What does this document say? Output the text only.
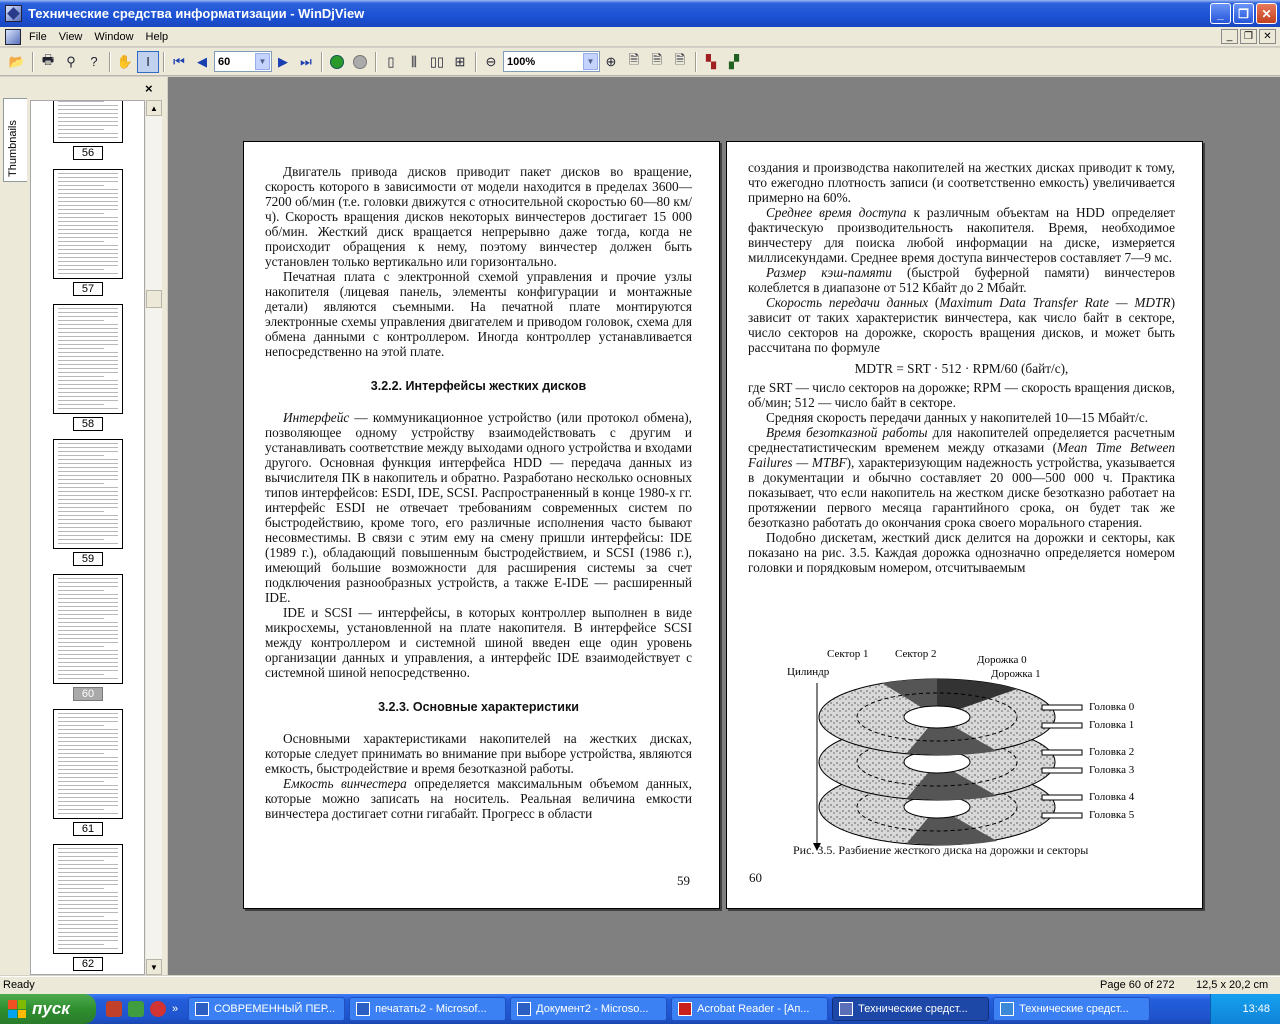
Технические средства информатизации - WinDjView	_	❐	✕
File	View	Window	Help	_	❐	✕
📂	🖶 ⚲	?	✋	I	⏮ ◀	60	▼ ▶ ⏭	▯	⫼ ▯▯ ⊞	⊖ 100%	▼ ⊕ 🗎 🗎 🗎	▚	▞
Thumbnails
×
56
57
58
59
60
61
62
▲
▼

Двигатель привода дисков приводит пакет дисков во вращение, скорость которого в зависимости от модели находится в пределах 3600—7200 об/мин (т.е. головки движутся с относительной скоростью 60—80 км/ч). Скорость вращения дисков некоторых винчестеров достигает 15 000 об/мин. Жесткий диск вращается непрерывно даже тогда, когда не происходит обращения к нему, поэтому винчестер должен быть установлен только вертикально или горизонтально.

Печатная плата с электронной схемой управления и прочие узлы накопителя (лицевая панель, элементы конфигурации и монтажные детали) являются съемными. На печатной плате монтируются электронные схемы управления двигателем и приводом головок, схема для обмена данными с контроллером. Иногда контроллер устанавливается непосредственно на этой плате.

3.2.2. Интерфейсы жестких дисков

Интерфейс — коммуникационное устройство (или протокол обмена), позволяющее одному устройству взаимодействовать с другим и устанавливать соответствие между выходами одного устройства и входами другого. Основная функция интерфейса HDD — передача данных из вычислителя ПК в накопитель и обратно. Разработано несколько основных типов интерфейсов: ESDI, IDE, SCSI. Распространенный в конце 1980-х гг. интерфейс ESDI не отвечает требованиям современных систем по быстродействию, кроме того, его различные исполнения часто бывают несовместимы. В связи с этим ему на смену пришли интерфейсы: IDE (1989 г.), обладающий повышенным быстродействием, и SCSI (1986 г.), имеющий большие возможности для расширения системы за счет подключения разнообразных устройств, а также E-IDE — расширенный IDE.

IDE и SCSI — интерфейсы, в которых контроллер выполнен в виде микросхемы, установленной на плате накопителя. В интерфейсе SCSI между контроллером и системной шиной введен еще один уровень организации данных и управления, а интерфейс IDE взаимодействует с системной шиной непосредственно.

3.2.3. Основные характеристики

Основными характеристиками накопителей на жестких дисках, которые следует принимать во внимание при выборе устройства, являются емкость, быстродействие и время безотказной работы.

Емкость винчестера определяется максимальным объемом данных, которые можно записать на носитель. Реальная величина емкости винчестера достигает сотни гигабайт. Прогресс в области

59

создания и производства накопителей на жестких дисках приводит к тому, что ежегодно плотность записи (и соответственно емкость) увеличивается примерно на 60%.

Среднее время доступа к различным объектам на HDD определяет фактическую производительность накопителя. Время, необходимое винчестеру для поиска любой информации на диске, измеряется миллисекундами. Среднее время доступа винчестеров составляет 7—9 мс.

Размер кэш-памяти (быстрой буферной памяти) винчестеров колеблется в диапазоне от 512 Кбайт до 2 Мбайт.

Скорость передачи данных (Maximum Data Transfer Rate — MDTR) зависит от таких характеристик винчестера, как число байт в секторе, число секторов на дорожке, скорость вращения дисков, и может быть рассчитана по формуле

MDTR = SRT · 512 · RPM/60 (байт/с),

где SRT — число секторов на дорожке; RPM — скорость вращения дисков, об/мин; 512 — число байт в секторе.

Средняя скорость передачи данных у накопителей 10—15 Мбайт/с.

Время безотказной работы для накопителей определяется расчетным среднестатистическим временем между отказами (Mean Time Between Failures — MTBF), характеризующим надежность устройства, указывается в документации и обычно составляет 20 000—500 000 ч. Практика показывает, что если накопитель на жестком диске безотказно работает на протяжении первого месяца гарантийного срока, он будет так же безотказно работать до окончания срока своего морального старения.

Подобно дискетам, жесткий диск делится на дорожки и секторы, как показано на рис. 3.5. Каждая дорожка однозначно определяется номером головки и порядковым номером, отсчитываемым

Сектор 1 Сектор 2	Дорожка 0
Дорожка 1
Цилиндр
Головка 0
Головка 1
Головка 2
Головка 3
Головка 4
Головка 5
Рис. 3.5. Разбиение жесткого диска на дорожки и секторы
60
Ready	Page 60 of 272 12,5 x 20,2 cm
пуск	»	СОВРЕМЕННЫЙ ПЕР...	печатать2 - Microsof...	Документ2 - Microso...	Acrobat Reader - [Ап...	Технические средст...	Технические средст...	13:48
